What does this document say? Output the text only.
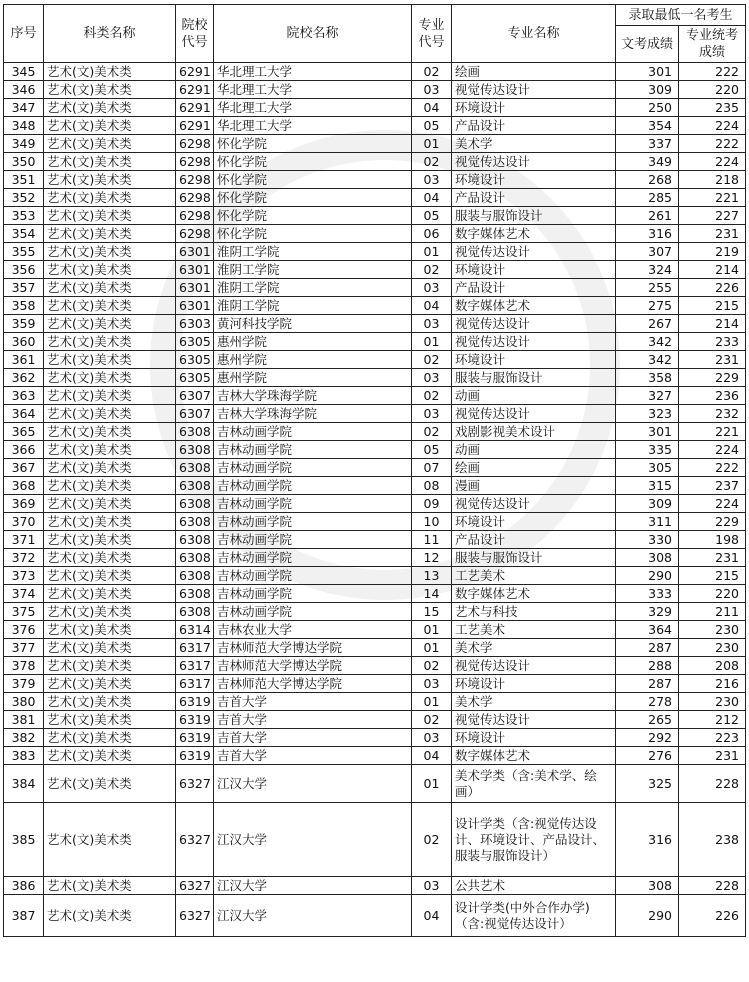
序号	科类名称	院校代号	院校名称	专业代号	专业名称	录取最低一名考生	
						文考成绩	专业统考成绩
345	艺术(文)美术类	6291	华北理工大学	02	绘画	301	222
346	艺术(文)美术类	6291	华北理工大学	03	视觉传达设计	309	220
347	艺术(文)美术类	6291	华北理工大学	04	环境设计	250	235
348	艺术(文)美术类	6291	华北理工大学	05	产品设计	354	224
349	艺术(文)美术类	6298	怀化学院	01	美术学	337	222
350	艺术(文)美术类	6298	怀化学院	02	视觉传达设计	349	224
351	艺术(文)美术类	6298	怀化学院	03	环境设计	268	218
352	艺术(文)美术类	6298	怀化学院	04	产品设计	285	221
353	艺术(文)美术类	6298	怀化学院	05	服装与服饰设计	261	227
354	艺术(文)美术类	6298	怀化学院	06	数字媒体艺术	316	231
355	艺术(文)美术类	6301	淮阴工学院	01	视觉传达设计	307	219
356	艺术(文)美术类	6301	淮阴工学院	02	环境设计	324	214
357	艺术(文)美术类	6301	淮阴工学院	03	产品设计	255	226
358	艺术(文)美术类	6301	淮阴工学院	04	数字媒体艺术	275	215
359	艺术(文)美术类	6303	黄河科技学院	03	视觉传达设计	267	214
360	艺术(文)美术类	6305	惠州学院	01	视觉传达设计	342	233
361	艺术(文)美术类	6305	惠州学院	02	环境设计	342	231
362	艺术(文)美术类	6305	惠州学院	03	服装与服饰设计	358	229
363	艺术(文)美术类	6307	吉林大学珠海学院	02	动画	327	236
364	艺术(文)美术类	6307	吉林大学珠海学院	03	视觉传达设计	323	232
365	艺术(文)美术类	6308	吉林动画学院	02	戏剧影视美术设计	301	221
366	艺术(文)美术类	6308	吉林动画学院	05	动画	335	224
367	艺术(文)美术类	6308	吉林动画学院	07	绘画	305	222
368	艺术(文)美术类	6308	吉林动画学院	08	漫画	315	237
369	艺术(文)美术类	6308	吉林动画学院	09	视觉传达设计	309	224
370	艺术(文)美术类	6308	吉林动画学院	10	环境设计	311	229
371	艺术(文)美术类	6308	吉林动画学院	11	产品设计	330	198
372	艺术(文)美术类	6308	吉林动画学院	12	服装与服饰设计	308	231
373	艺术(文)美术类	6308	吉林动画学院	13	工艺美术	290	215
374	艺术(文)美术类	6308	吉林动画学院	14	数字媒体艺术	333	220
375	艺术(文)美术类	6308	吉林动画学院	15	艺术与科技	329	211
376	艺术(文)美术类	6314	吉林农业大学	01	工艺美术	364	230
377	艺术(文)美术类	6317	吉林师范大学博达学院	01	美术学	287	230
378	艺术(文)美术类	6317	吉林师范大学博达学院	02	视觉传达设计	288	208
379	艺术(文)美术类	6317	吉林师范大学博达学院	03	环境设计	287	216
380	艺术(文)美术类	6319	吉首大学	01	美术学	278	230
381	艺术(文)美术类	6319	吉首大学	02	视觉传达设计	265	212
382	艺术(文)美术类	6319	吉首大学	03	环境设计	292	223
383	艺术(文)美术类	6319	吉首大学	04	数字媒体艺术	276	231
384	艺术(文)美术类	6327	江汉大学	01	美术学类（含:美术学、绘画）	325	228
385	艺术(文)美术类	6327	江汉大学	02	设计学类（含:视觉传达设计、环境设计、产品设计、服装与服饰设计）	316	238
386	艺术(文)美术类	6327	江汉大学	03	公共艺术	308	228
387	艺术(文)美术类	6327	江汉大学	04	设计学类(中外合作办学)（含:视觉传达设计）	290	226
